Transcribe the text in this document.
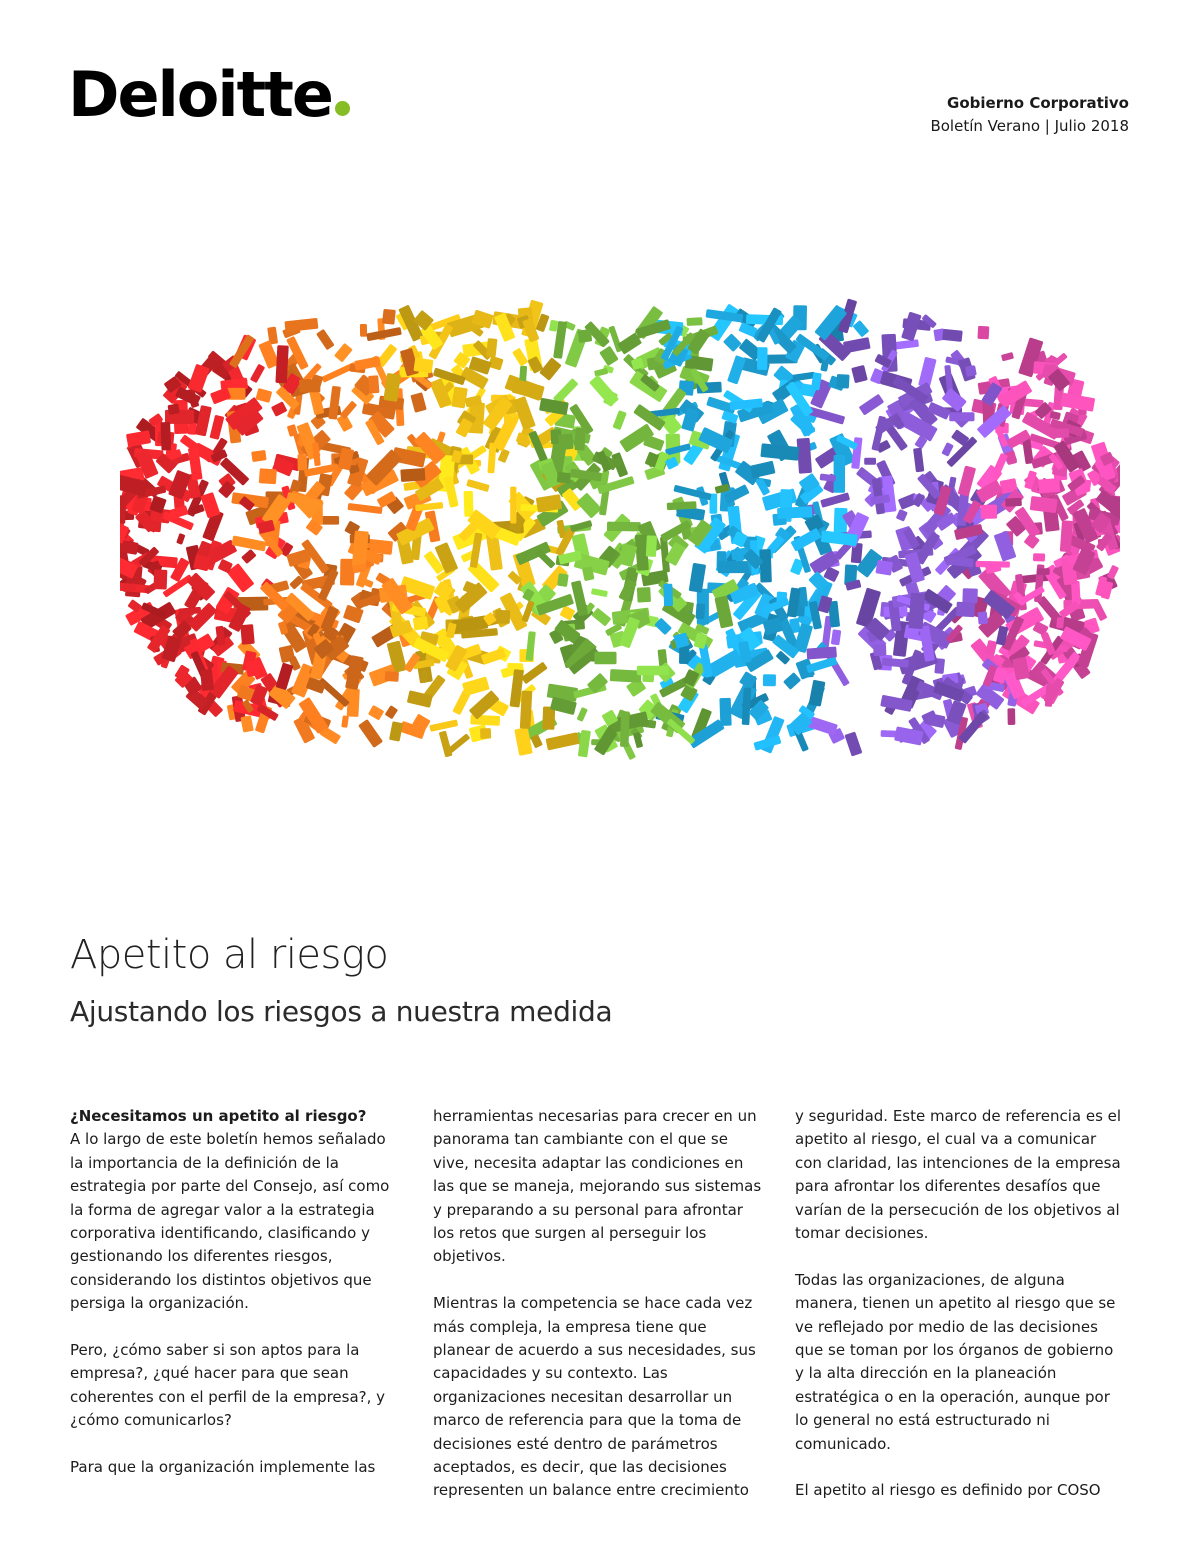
Deloitte	Gobierno Corporativo
Boletín Verano | Julio 2018
Apetito al riesgo
Ajustando los riesgos a nuestra medida

¿Necesitamos un apetito al riesgo?

A lo largo de este boletín hemos señalado la importancia de la definición de la estrategia por parte del Consejo, así como la forma de agregar valor a la estrategia corporativa identificando, clasificando y gestionando los diferentes riesgos, considerando los distintos objetivos que persiga la organización.

Pero, ¿cómo saber si son aptos para la empresa?, ¿qué hacer para que sean coherentes con el perfil de la empresa?, y ¿cómo comunicarlos?

Para que la organización implemente las

herramientas necesarias para crecer en un panorama tan cambiante con el que se vive, necesita adaptar las condiciones en las que se maneja, mejorando sus sistemas y preparando a su personal para afrontar los retos que surgen al perseguir los objetivos.

Mientras la competencia se hace cada vez más compleja, la empresa tiene que planear de acuerdo a sus necesidades, sus capacidades y su contexto. Las organizaciones necesitan desarrollar un marco de referencia para que la toma de decisiones esté dentro de parámetros aceptados, es decir, que las decisiones representen un balance entre crecimiento

y seguridad. Este marco de referencia es el apetito al riesgo, el cual va a comunicar con claridad, las intenciones de la empresa para afrontar los diferentes desafíos que varían de la persecución de los objetivos al tomar decisiones.

Todas las organizaciones, de alguna manera, tienen un apetito al riesgo que se ve reflejado por medio de las decisiones que se toman por los órganos de gobierno y la alta dirección en la planeación estratégica o en la operación, aunque por lo general no está estructurado ni comunicado.

El apetito al riesgo es definido por COSO
